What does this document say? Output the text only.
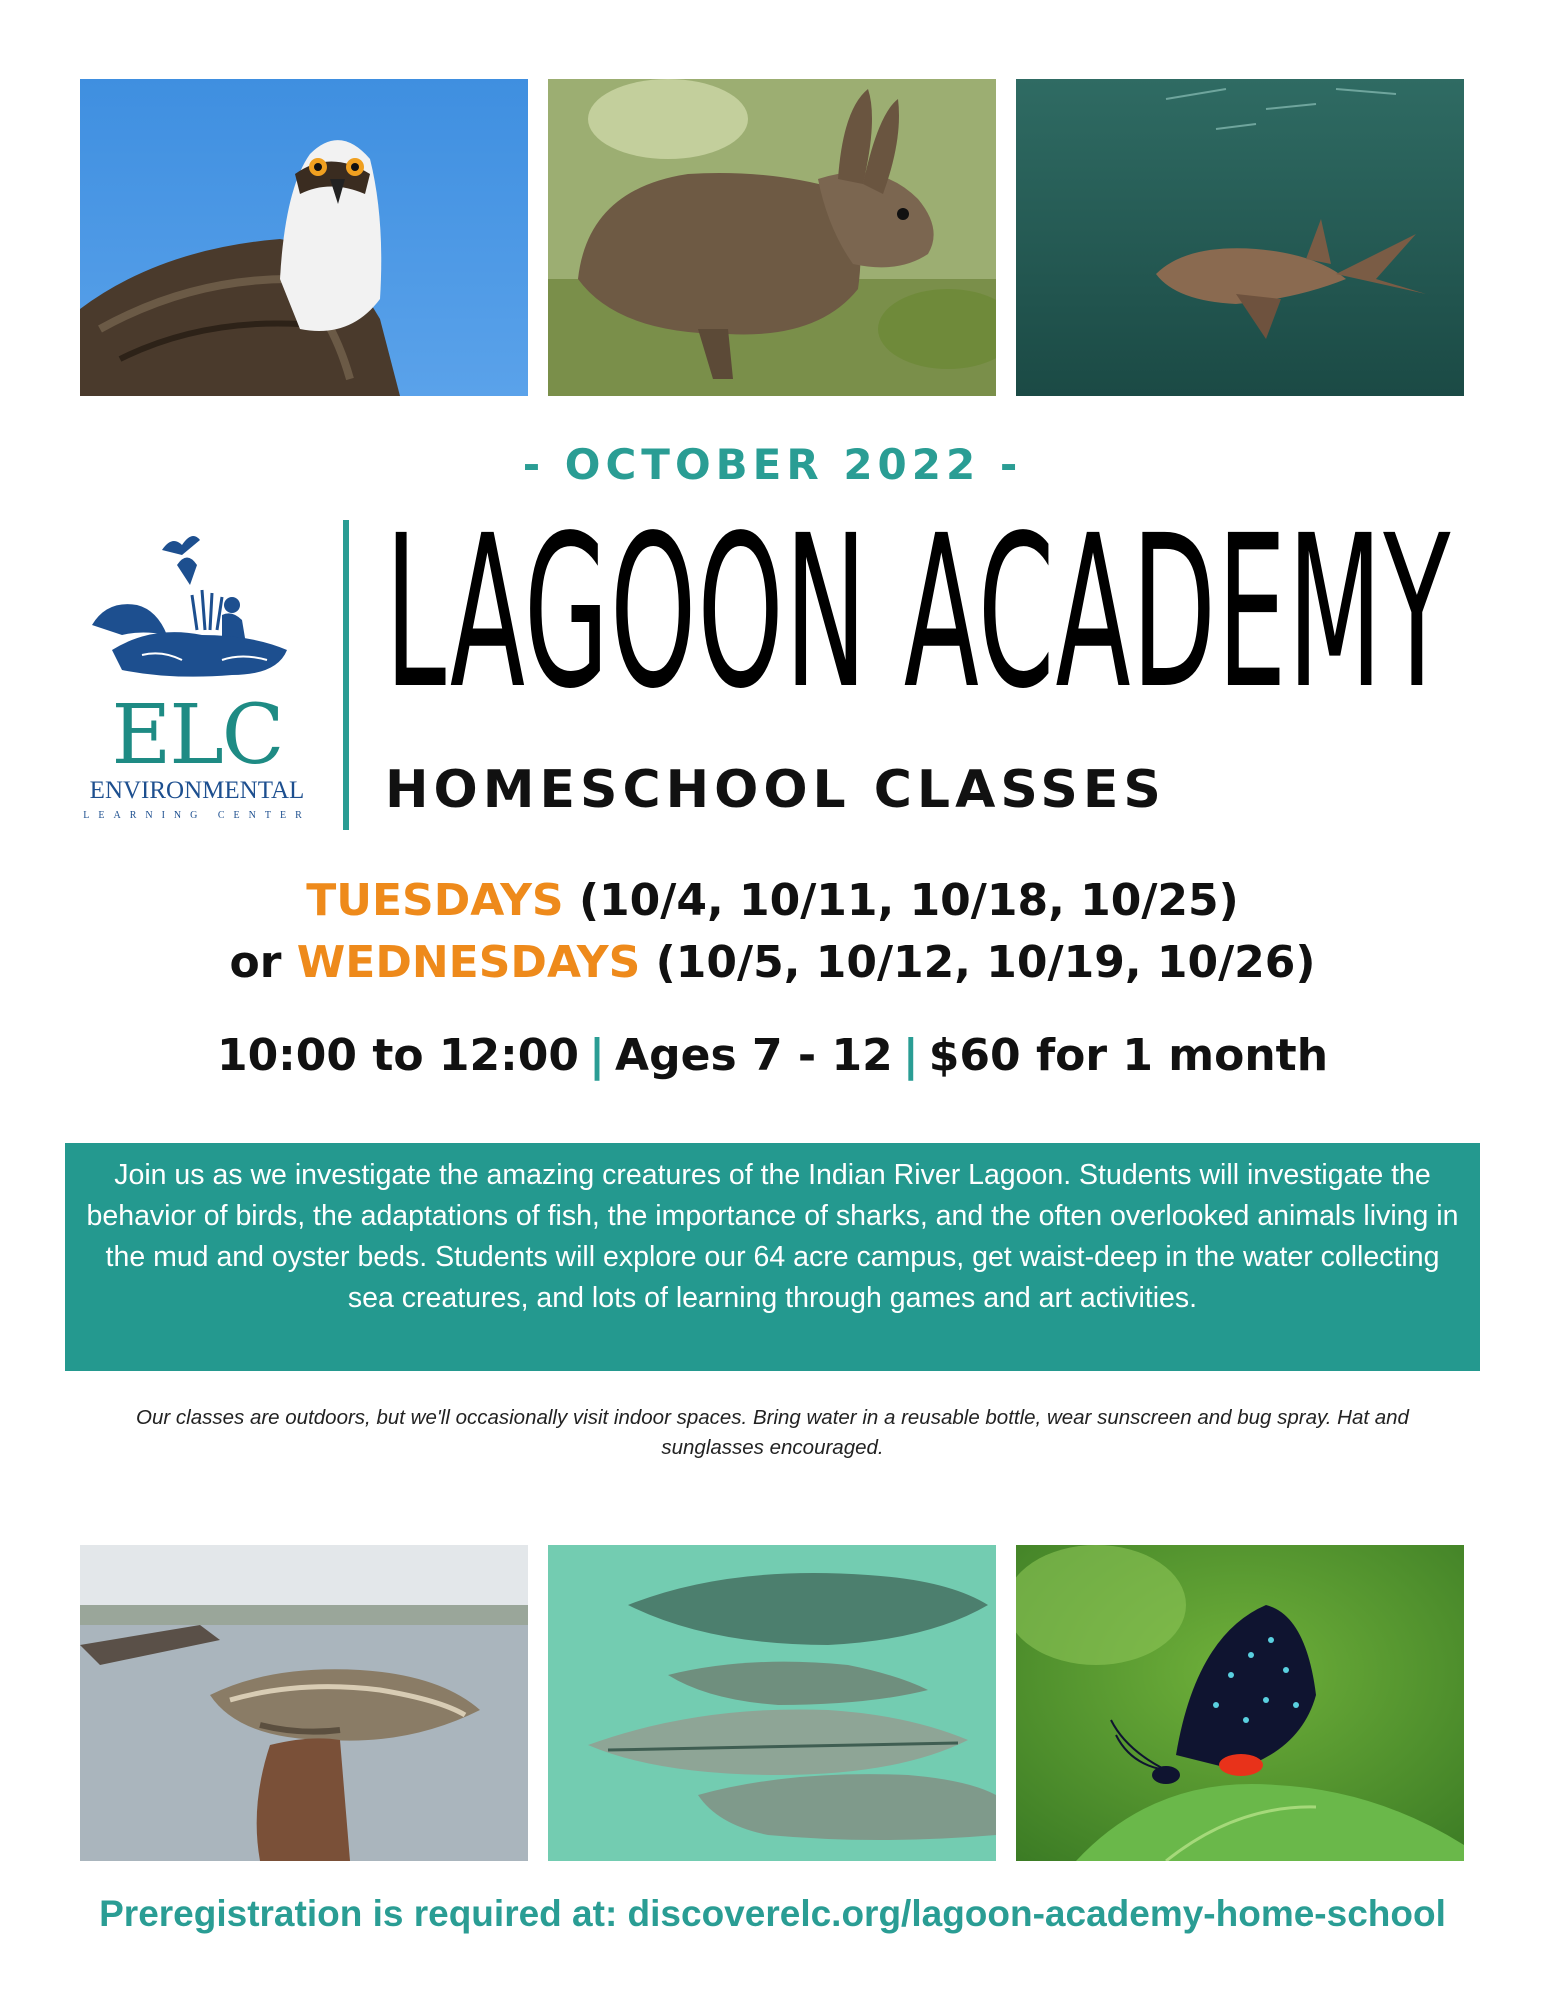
- OCTOBER 2022 -
ELC
ENVIRONMENTAL
LEARNING CENTER
LAGOON ACADEMY
HOMESCHOOL CLASSES
TUESDAYS (10/4, 10/11, 10/18, 10/25)
or WEDNESDAYS (10/5, 10/12, 10/19, 10/26)
10:00 to 12:00 | Ages 7 - 12 | $60 for 1 month
Join us as we investigate the amazing creatures of the Indian River Lagoon. Students will investigate the behavior of birds, the adaptations of fish, the importance of sharks, and the often overlooked animals living in the mud and oyster beds. Students will explore our 64 acre campus, get waist-deep in the water collecting sea creatures, and lots of learning through games and art activities.
Our classes are outdoors, but we'll occasionally visit indoor spaces. Bring water in a reusable bottle, wear sunscreen and bug spray. Hat and sunglasses encouraged.
Preregistration is required at: discoverelc.org/lagoon-academy-home-school
